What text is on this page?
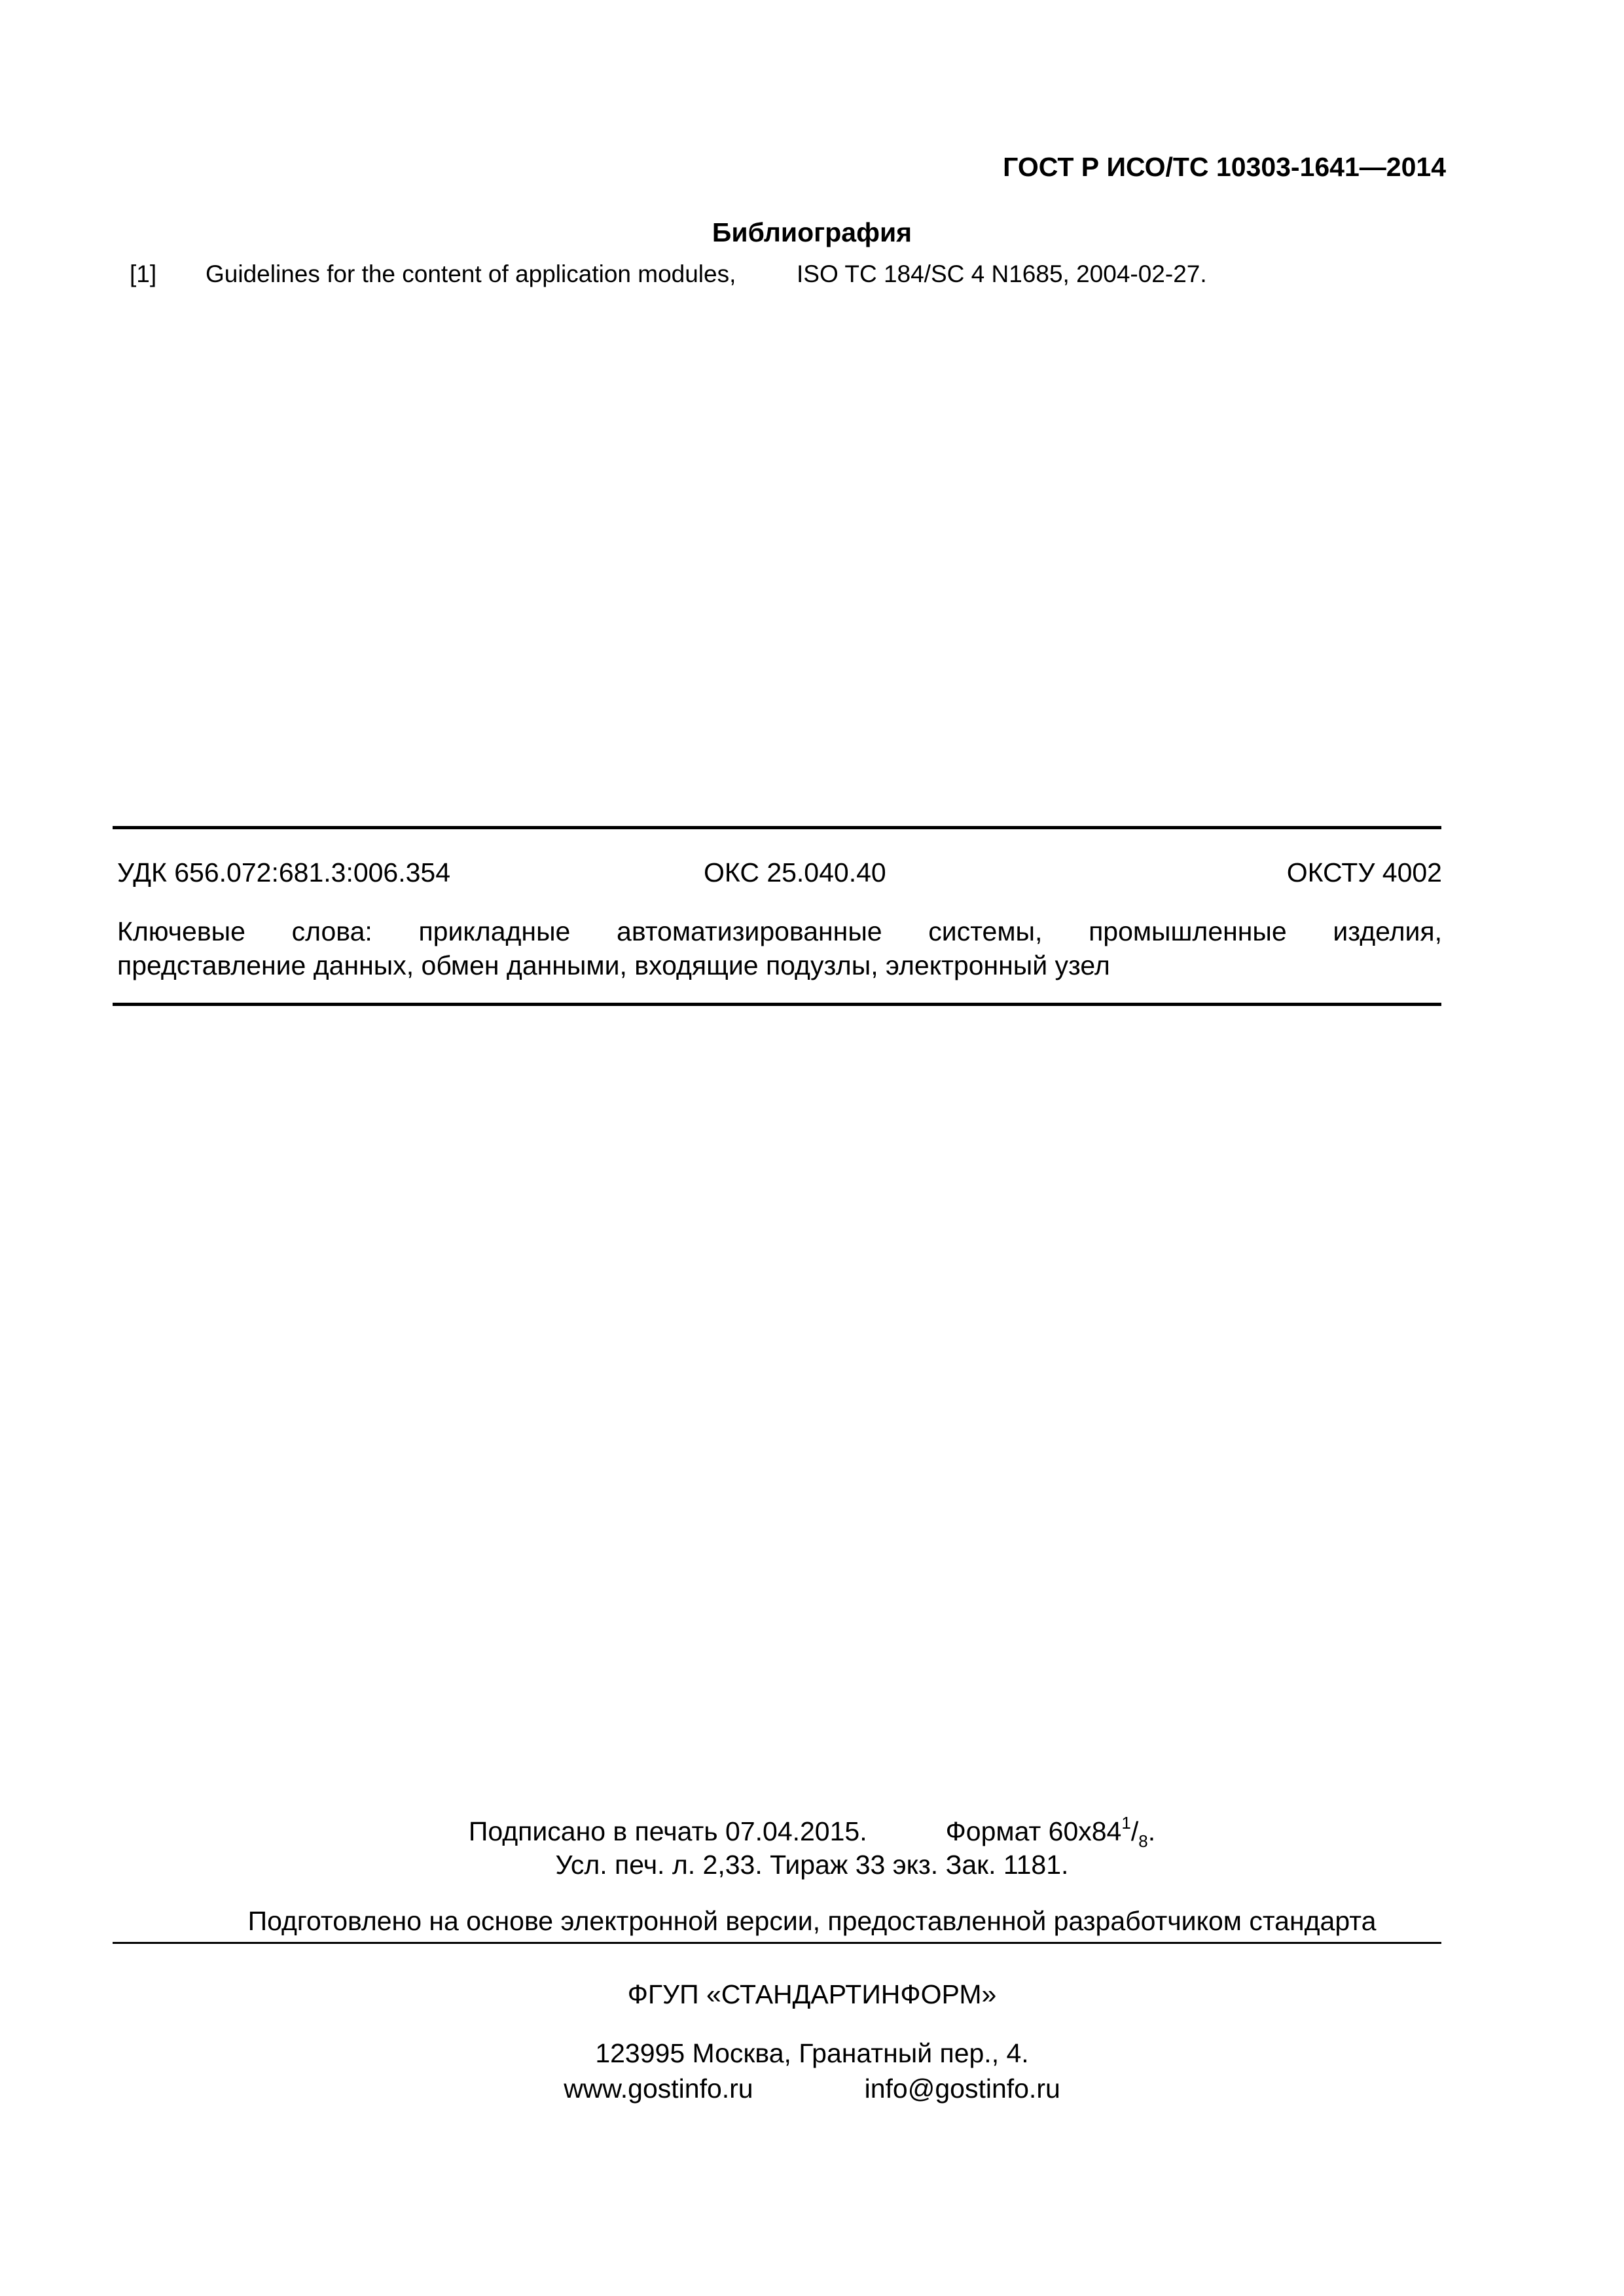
ГОСТ Р ИСО/ТС 10303-1641—2014
Библиография
[1] Guidelines for the content of application modules,	ISO TC 184/SC 4 N1685, 2004-02-27.
УДК 656.072:681.3:006.354	ОКС 25.040.40	ОКСТУ 4002
Ключевые слова: прикладные автоматизированные системы, промышленные изделия,
представление данных, обмен данными, входящие подузлы, электронный узел
Подписано в печать 07.04.2015.	Формат $60x84^1/_8$.
Усл. печ. л. 2,33. Тираж 33 экз. Зак. 1181.
Подготовлено на основе электронной версии, предоставленной разработчиком стандарта
ФГУП «СТАНДАРТИНФОРМ»
123995 Москва, Гранатный пер., 4.
www.gostinfo.ru	info@gostinfo.ru
